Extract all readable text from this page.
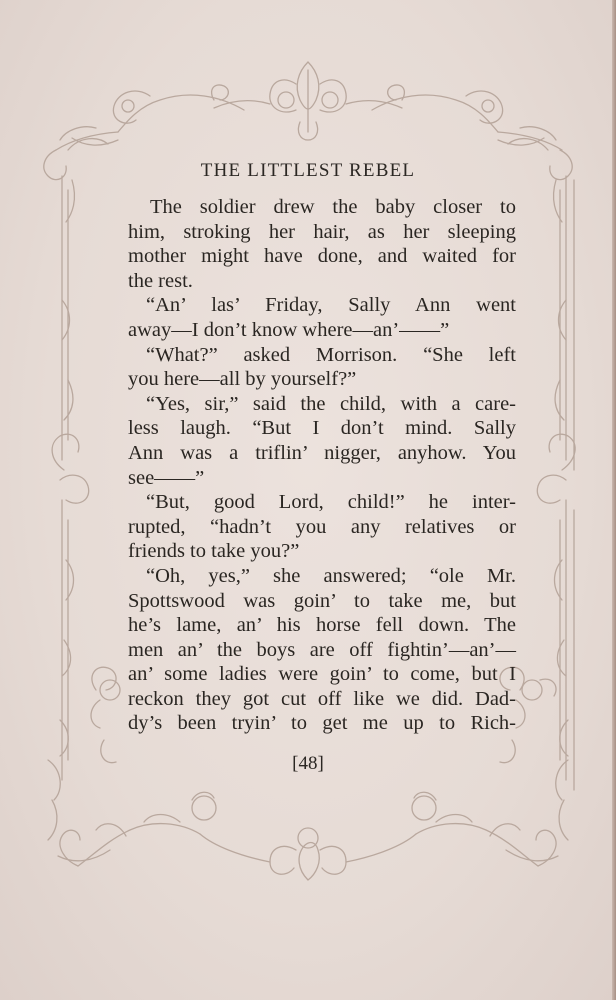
THE LITTLEST REBEL
The soldier drew the baby closer to
him, stroking her hair, as her sleeping
mother might have done, and waited for
the rest.
“An’ las’ Friday, Sally Ann went
away—I don’t know where—an’——”
“What?” asked Morrison. “She left
you here—all by yourself?”
“Yes, sir,” said the child, with a care-
less laugh. “But I don’t mind. Sally
Ann was a triflin’ nigger, anyhow. You
see——”
“But, good Lord, child!” he inter-
rupted, “hadn’t you any relatives or
friends to take you?”
“Oh, yes,” she answered; “ole Mr.
Spottswood was goin’ to take me, but
he’s lame, an’ his horse fell down. The
men an’ the boys are off fightin’—an’—
an’ some ladies were goin’ to come, but I
reckon they got cut off like we did. Dad-
dy’s been tryin’ to get me up to Rich-
[48]
